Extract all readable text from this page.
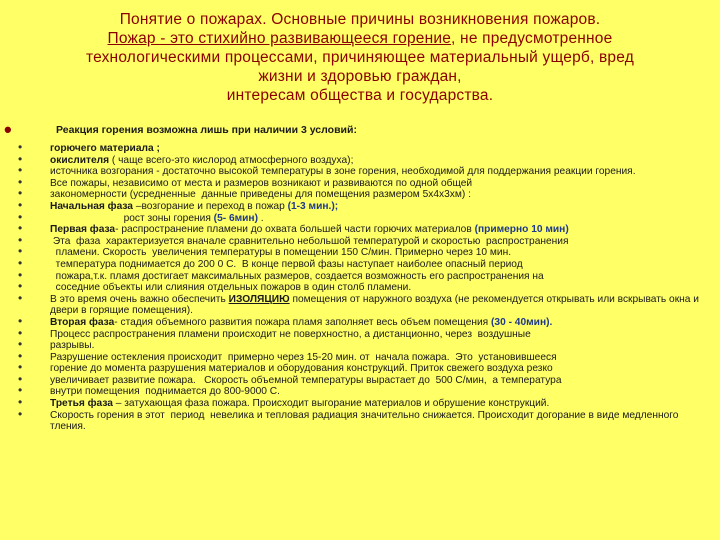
Понятие о пожарах. Основные причины возникновения пожаров.
Пожар - это стихийно развивающееся горение, не предусмотренное
технологическими процессами, причиняющее материальный ущерб, вред
жизни и здоровью граждан,
интересам общества и государства.
•	Реакция горения возможна лишь при наличии 3 условий:
•	горючего материала ;
•	окислителя ( чаще всего-это кислород атмосферного воздуха);
•	источника возгорания - достаточно высокой температуры в зоне горения, необходимой для поддержания реакции горения.
•	Все пожары, независимо от места и размеров возникают и развиваются по одной общей
•	закономерности (усредненные  данные приведены для помещения размером 5х4х3хм) :
•	Начальная фаза –возгорание и переход в пожар (1-3 мин.);
•	рост зоны горения (5- 6мин) .
•	Первая фаза- распространение пламени до охвата большей части горючих материалов (примерно 10 мин)
•	Эта  фаза  характеризуется вначале сравнительно небольшой температурой и скоростью  распространения
•	пламени. Скорость  увеличения температуры в помещении 150 С/мин. Примерно через 10 мин.
•	температура поднимается до 200 0 С.  В конце первой фазы наступает наиболее опасный период
•	пожара,т.к. пламя достигает максимальных размеров, создается возможность его распространения на
•	соседние объекты или слияния отдельных пожаров в один столб пламени.
•	В это время очень важно обеспечить ИЗОЛЯЦИЮ помещения от наружного воздуха (не рекомендуется открывать или вскрывать окна и двери в горящие помещения).
•	Вторая фаза- стадия объемного развития пожара пламя заполняет весь объем помещения (30 - 40мин).
•	Процесс распространения пламени происходит не поверхностно, а дистанционно, через  воздушные
•	разрывы.
•	Разрушение остекления происходит  примерно через 15-20 мин. от  начала пожара.  Это  установившееся
•	горение до момента разрушения материалов и оборудования конструкций. Приток свежего воздуха резко
•	увеличивает развитие пожара.   Скорость объемной температуры вырастает до  500 С/мин,  а температура
•	внутри помещения  поднимается до 800-9000 С.
•	Третья фаза – затухающая фаза пожара. Происходит выгорание материалов и обрушение конструкций.
•	Скорость горения в этот  период  невелика и тепловая радиация значительно снижается. Происходит догорание в виде медленного  тления.
